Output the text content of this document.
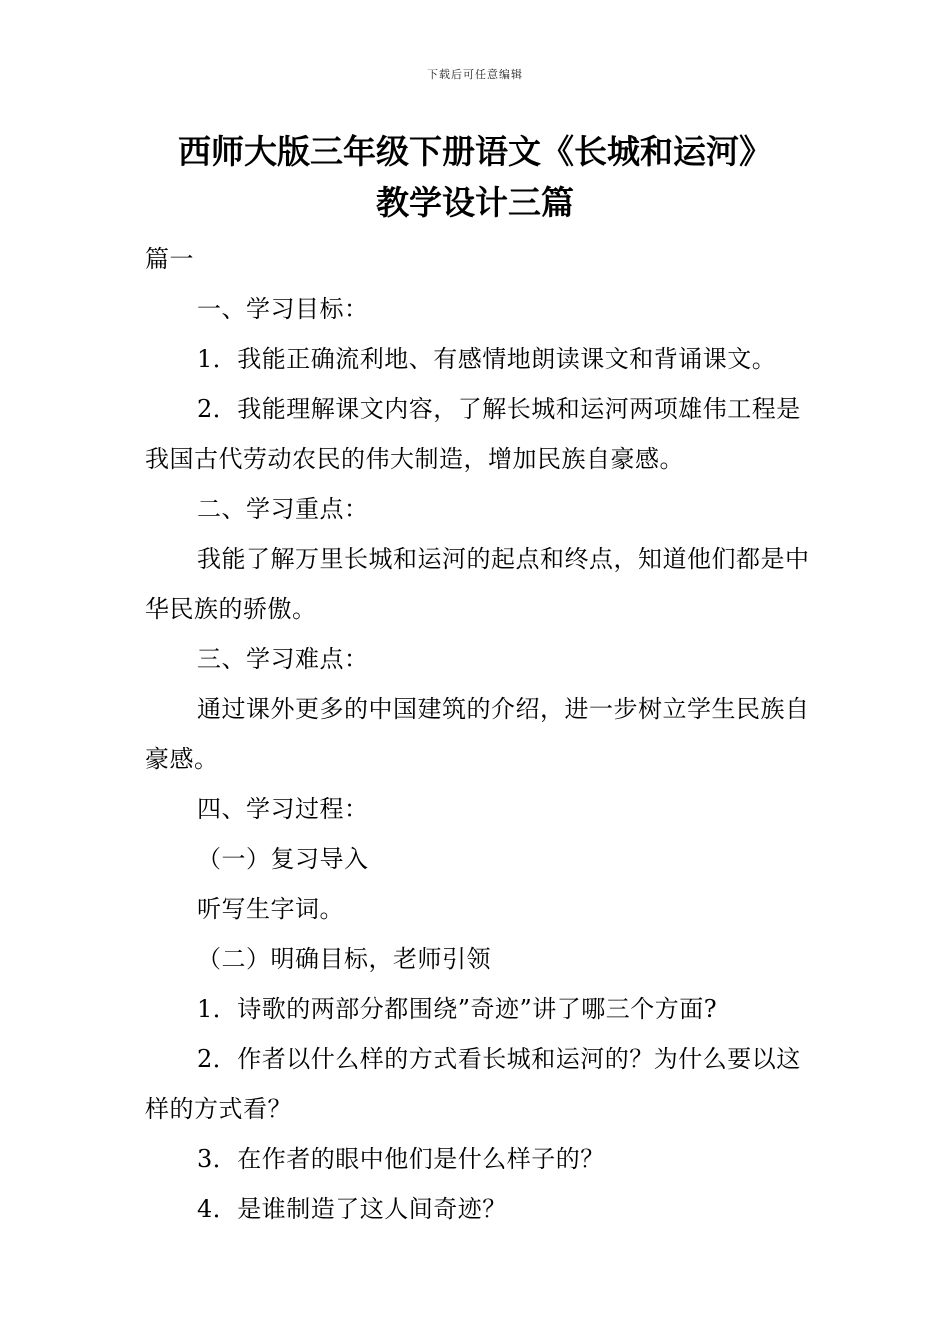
下载后可任意编辑
西师大版三年级下册语文《长城和运河》
教学设计三篇

篇一

一、学习目标：

1．我能正确流利地、有感情地朗读课文和背诵课文。

2．我能理解课文内容，了解长城和运河两项雄伟工程是我国古代劳动农民的伟大制造，增加民族自豪感。

二、学习重点：

我能了解万里长城和运河的起点和终点，知道他们都是中华民族的骄傲。

三、学习难点：

通过课外更多的中国建筑的介绍，进一步树立学生民族自豪感。

四、学习过程：

（一）复习导入

听写生字词。

（二）明确目标，老师引领

1．诗歌的两部分都围绕”奇迹”讲了哪三个方面?

2．作者以什么样的方式看长城和运河的？为什么要以这样的方式看？

3．在作者的眼中他们是什么样子的？

4．是谁制造了这人间奇迹？
